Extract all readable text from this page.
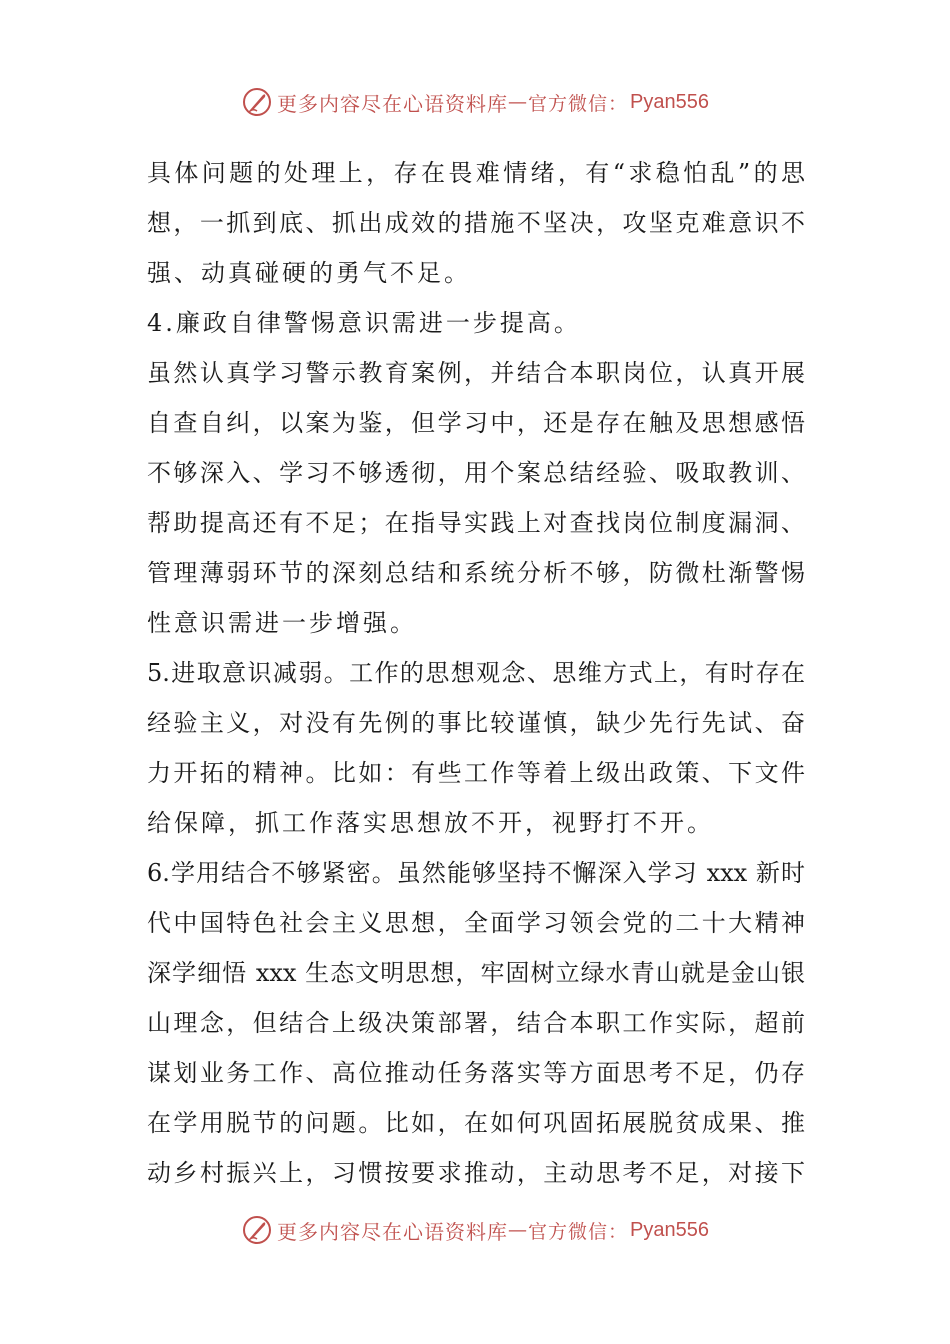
更多内容尽在心语资料库 — 官方微信： Pyan556
具体问题的处理上，存在畏难情绪，有“求稳怕乱”的思
想，一抓到底、抓出成效的措施不坚决，攻坚克难意识不
强、动真碰硬的勇气不足。
4.廉政自律警惕意识需进一步提高。
虽然认真学习警示教育案例，并结合本职岗位，认真开展
自查自纠，以案为鉴，但学习中，还是存在触及思想感悟
不够深入、学习不够透彻，用个案总结经验、吸取教训、
帮助提高还有不足；在指导实践上对查找岗位制度漏洞、
管理薄弱环节的深刻总结和系统分析不够，防微杜渐警惕
性意识需进一步增强。
5.进取意识减弱。工作的思想观念、思维方式上，有时存在
经验主义，对没有先例的事比较谨慎，缺少先行先试、奋
力开拓的精神。比如：有些工作等着上级出政策、下文件
给保障，抓工作落实思想放不开，视野打不开。
6.学用结合不够紧密。虽然能够坚持不懈深入学习 xxx 新时
代中国特色社会主义思想，全面学习领会党的二十大精神
深学细悟 xxx 生态文明思想，牢固树立绿水青山就是金山银
山理念，但结合上级决策部署，结合本职工作实际，超前
谋划业务工作、高位推动任务落实等方面思考不足，仍存
在学用脱节的问题。比如，在如何巩固拓展脱贫成果、推
动乡村振兴上，习惯按要求推动，主动思考不足，对接下
更多内容尽在心语资料库 — 官方微信： Pyan556
